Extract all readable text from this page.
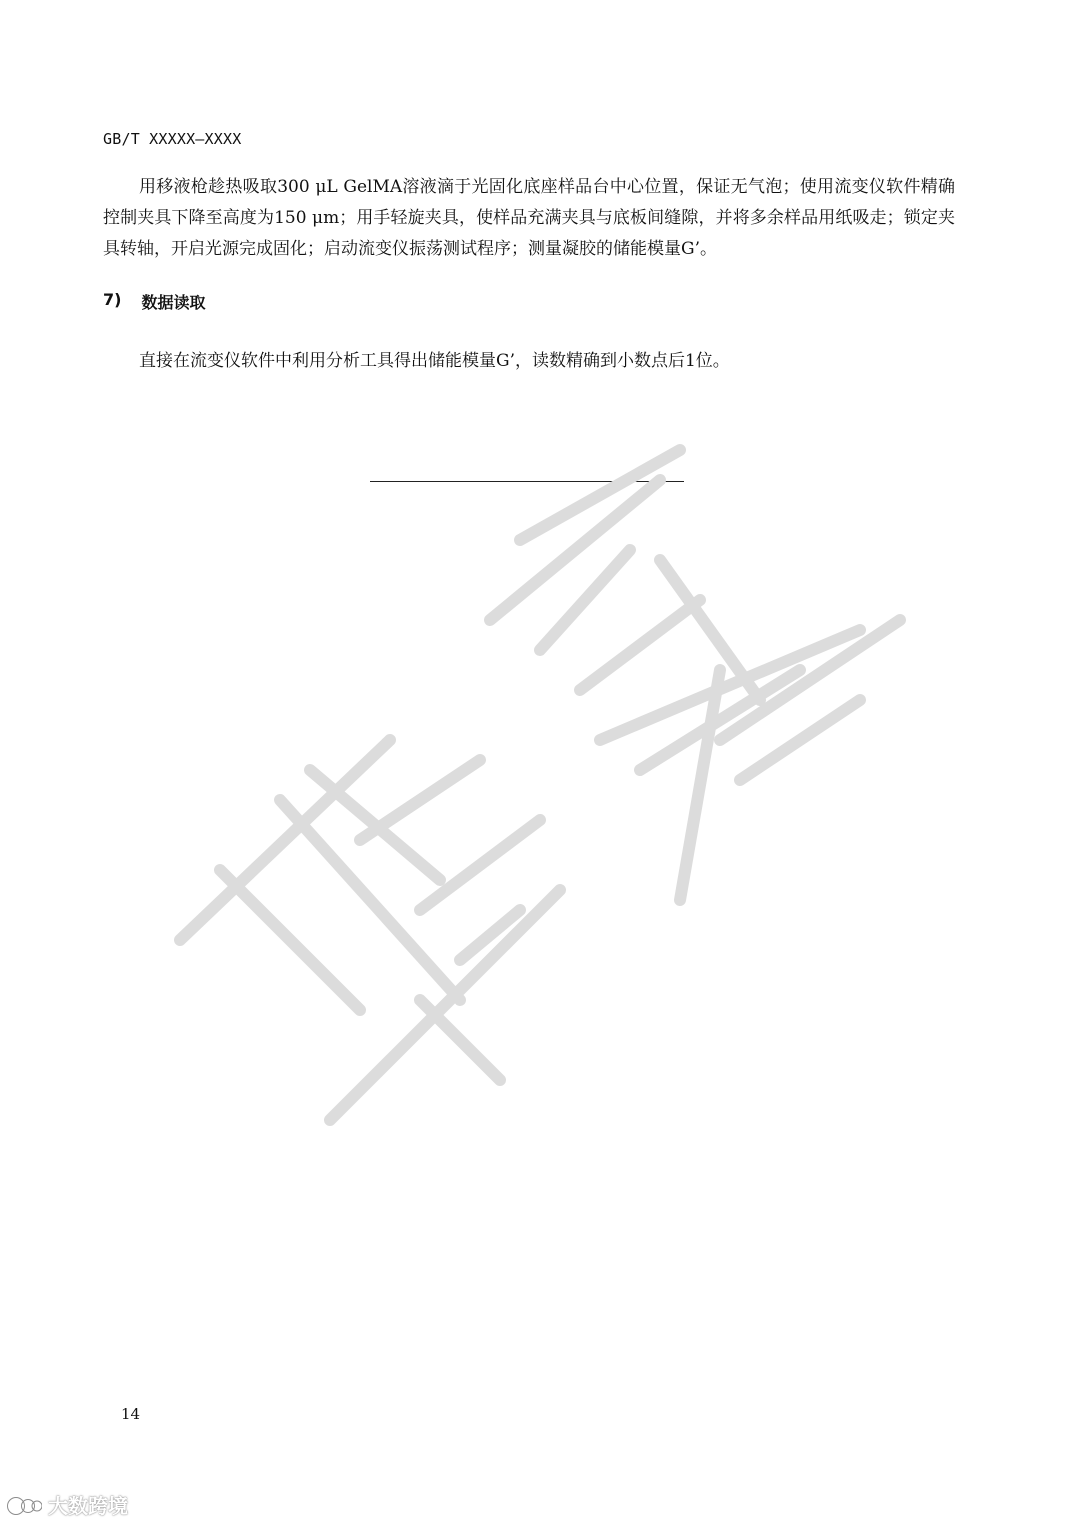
GB/T XXXXX—XXXX

用移液枪趁热吸取300 μL GelMA溶液滴于光固化底座样品台中心位置，保证无气泡；使用流变仪软件精确控制夹具下降至高度为150 μm；用手轻旋夹具，使样品充满夹具与底板间缝隙，并将多余样品用纸吸走；锁定夹具转轴，开启光源完成固化；启动流变仪振荡测试程序；测量凝胶的储能模量G’。

7) 数据读取

直接在流变仪软件中利用分析工具得出储能模量G’，读数精确到小数点后1位。

14
大数跨境
